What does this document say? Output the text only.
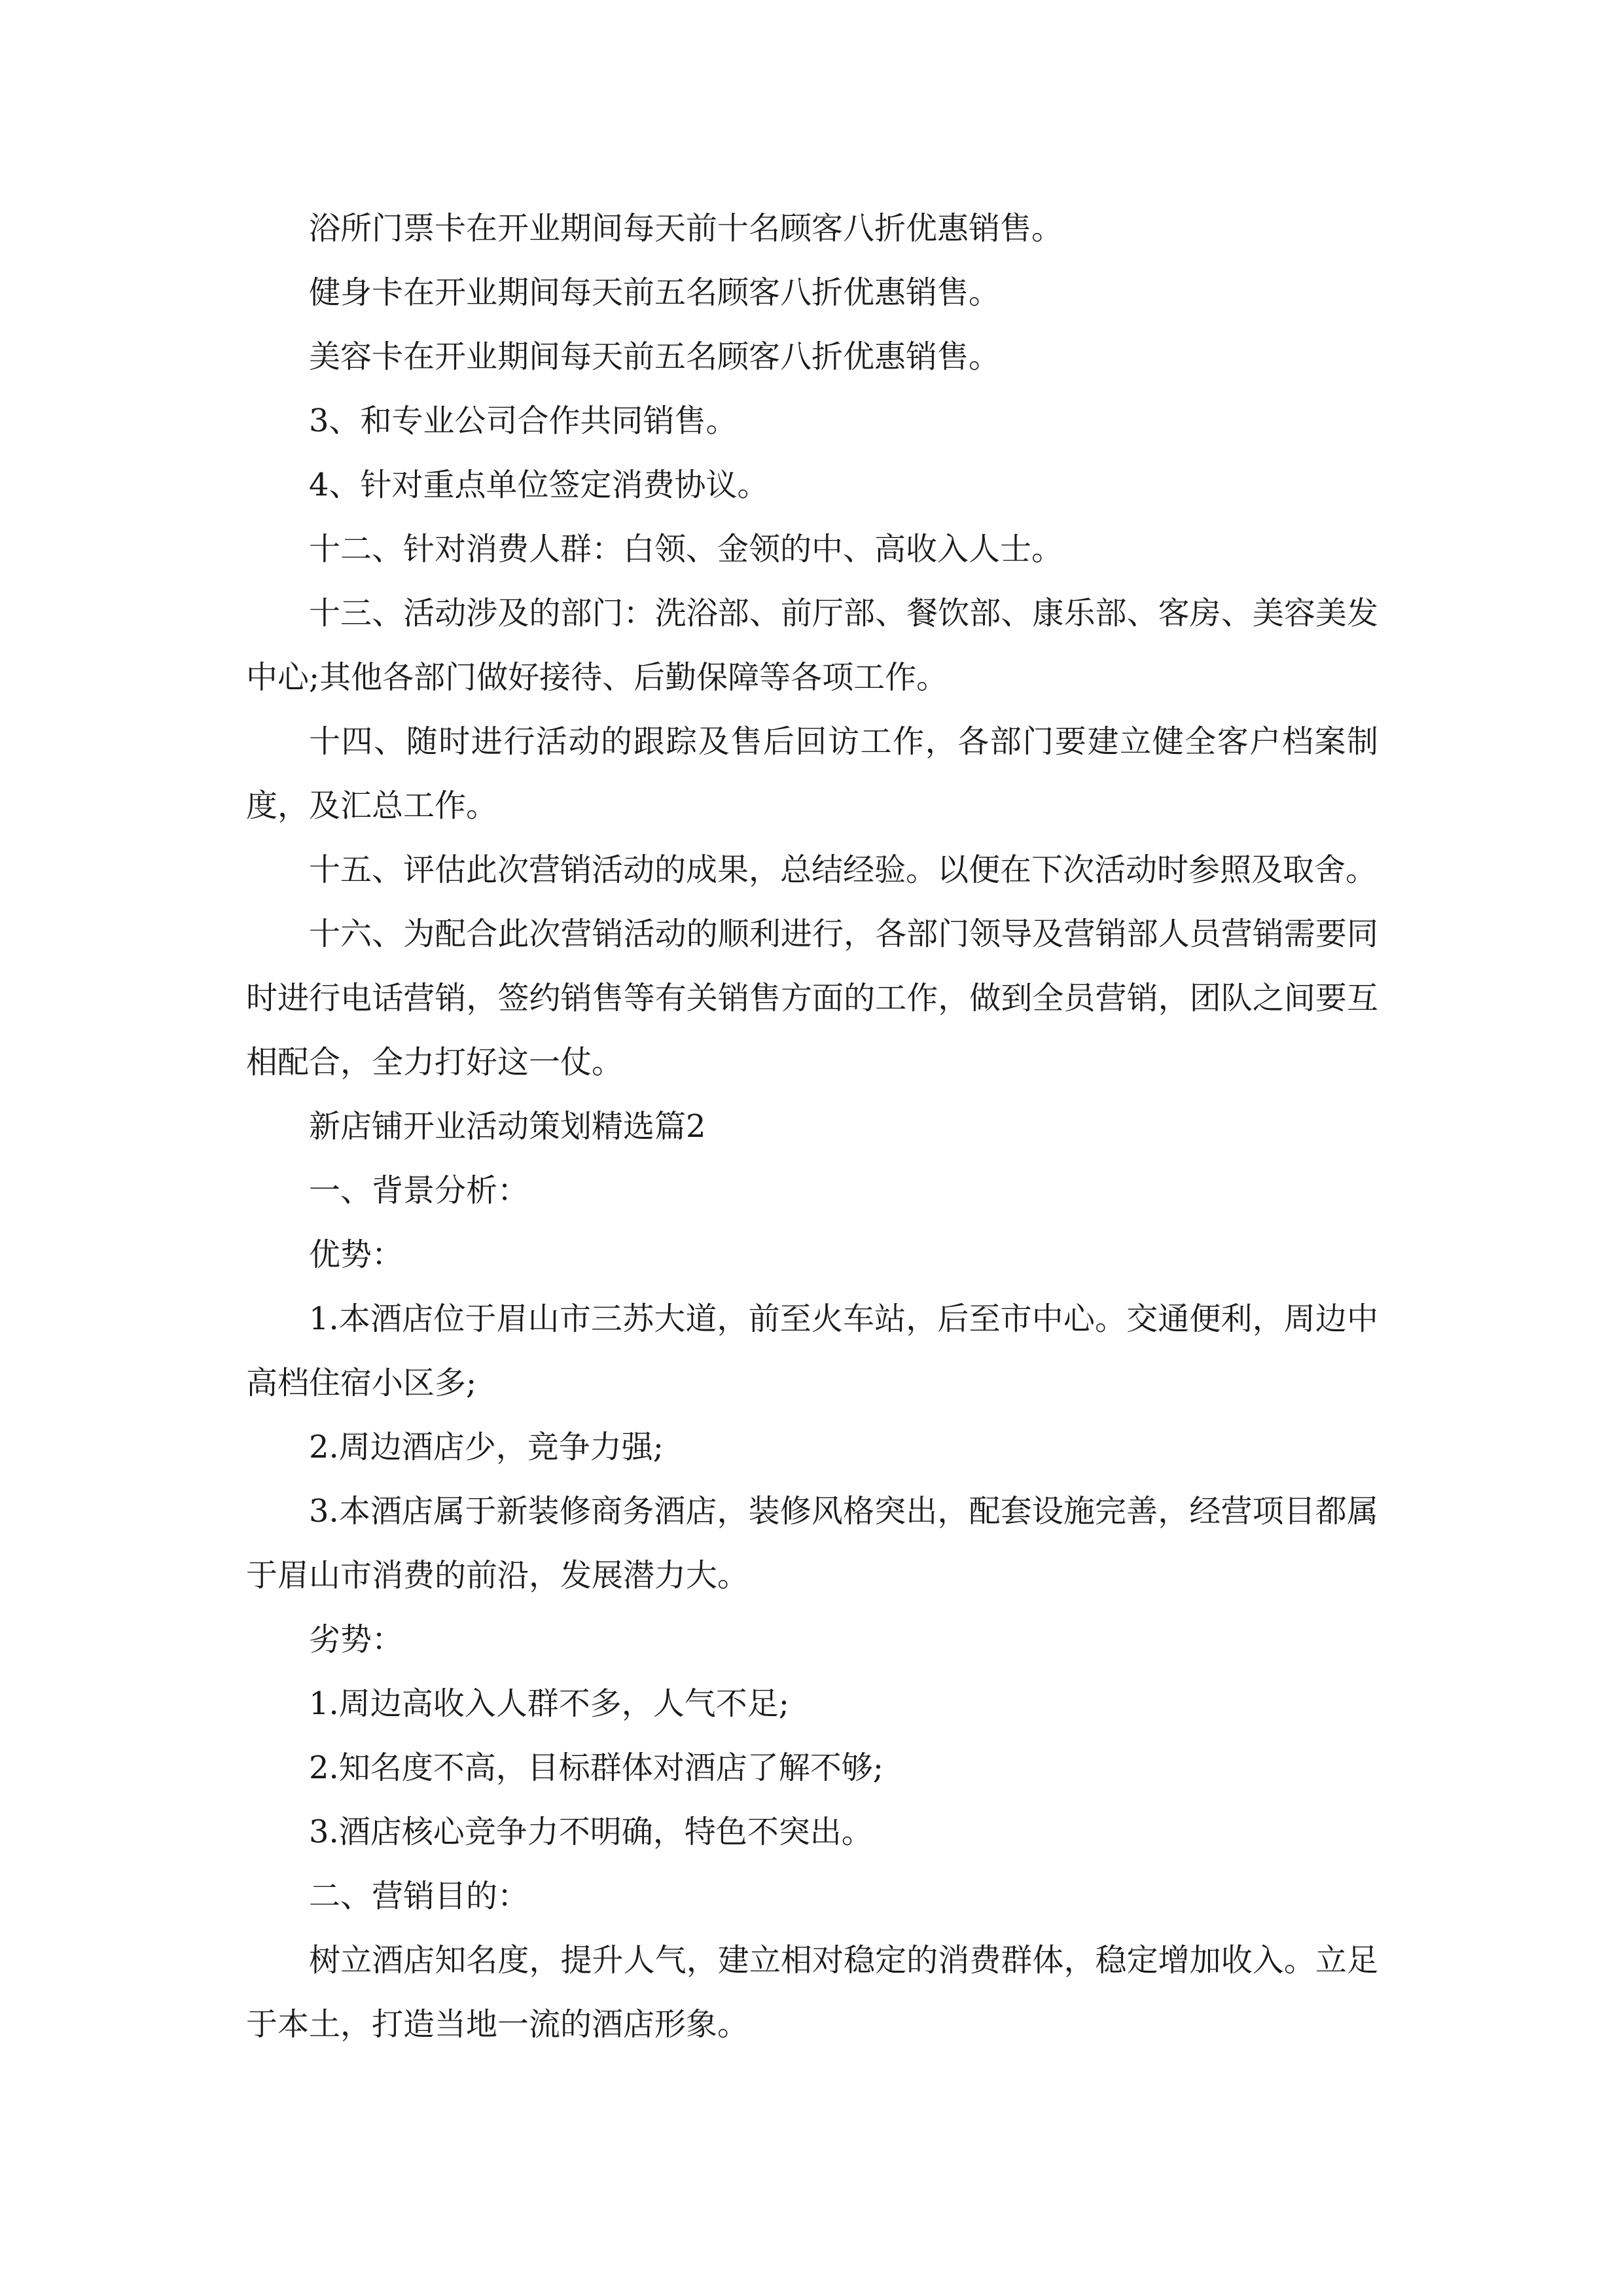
浴所门票卡在开业期间每天前十名顾客八折优惠销售。

健身卡在开业期间每天前五名顾客八折优惠销售。

美容卡在开业期间每天前五名顾客八折优惠销售。

3、和专业公司合作共同销售。

4、针对重点单位签定消费协议。

十二、针对消费人群：白领、金领的中、高收入人士。

十三、活动涉及的部门：洗浴部、前厅部、餐饮部、康乐部、客房、美容美发中心;其他各部门做好接待、后勤保障等各项工作。

十四、随时进行活动的跟踪及售后回访工作，各部门要建立健全客户档案制度，及汇总工作。

十五、评估此次营销活动的成果，总结经验。以便在下次活动时参照及取舍。

十六、为配合此次营销活动的顺利进行，各部门领导及营销部人员营销需要同时进行电话营销，签约销售等有关销售方面的工作，做到全员营销，团队之间要互相配合，全力打好这一仗。

新店铺开业活动策划精选篇2

一、背景分析：

优势：

1.本酒店位于眉山市三苏大道，前至火车站，后至市中心。交通便利，周边中高档住宿小区多;

2.周边酒店少，竞争力强;

3.本酒店属于新装修商务酒店，装修风格突出，配套设施完善，经营项目都属于眉山市消费的前沿，发展潜力大。

劣势：

1.周边高收入人群不多，人气不足;

2.知名度不高，目标群体对酒店了解不够;

3.酒店核心竞争力不明确，特色不突出。

二、营销目的：

树立酒店知名度，提升人气，建立相对稳定的消费群体，稳定增加收入。立足于本土，打造当地一流的酒店形象。
